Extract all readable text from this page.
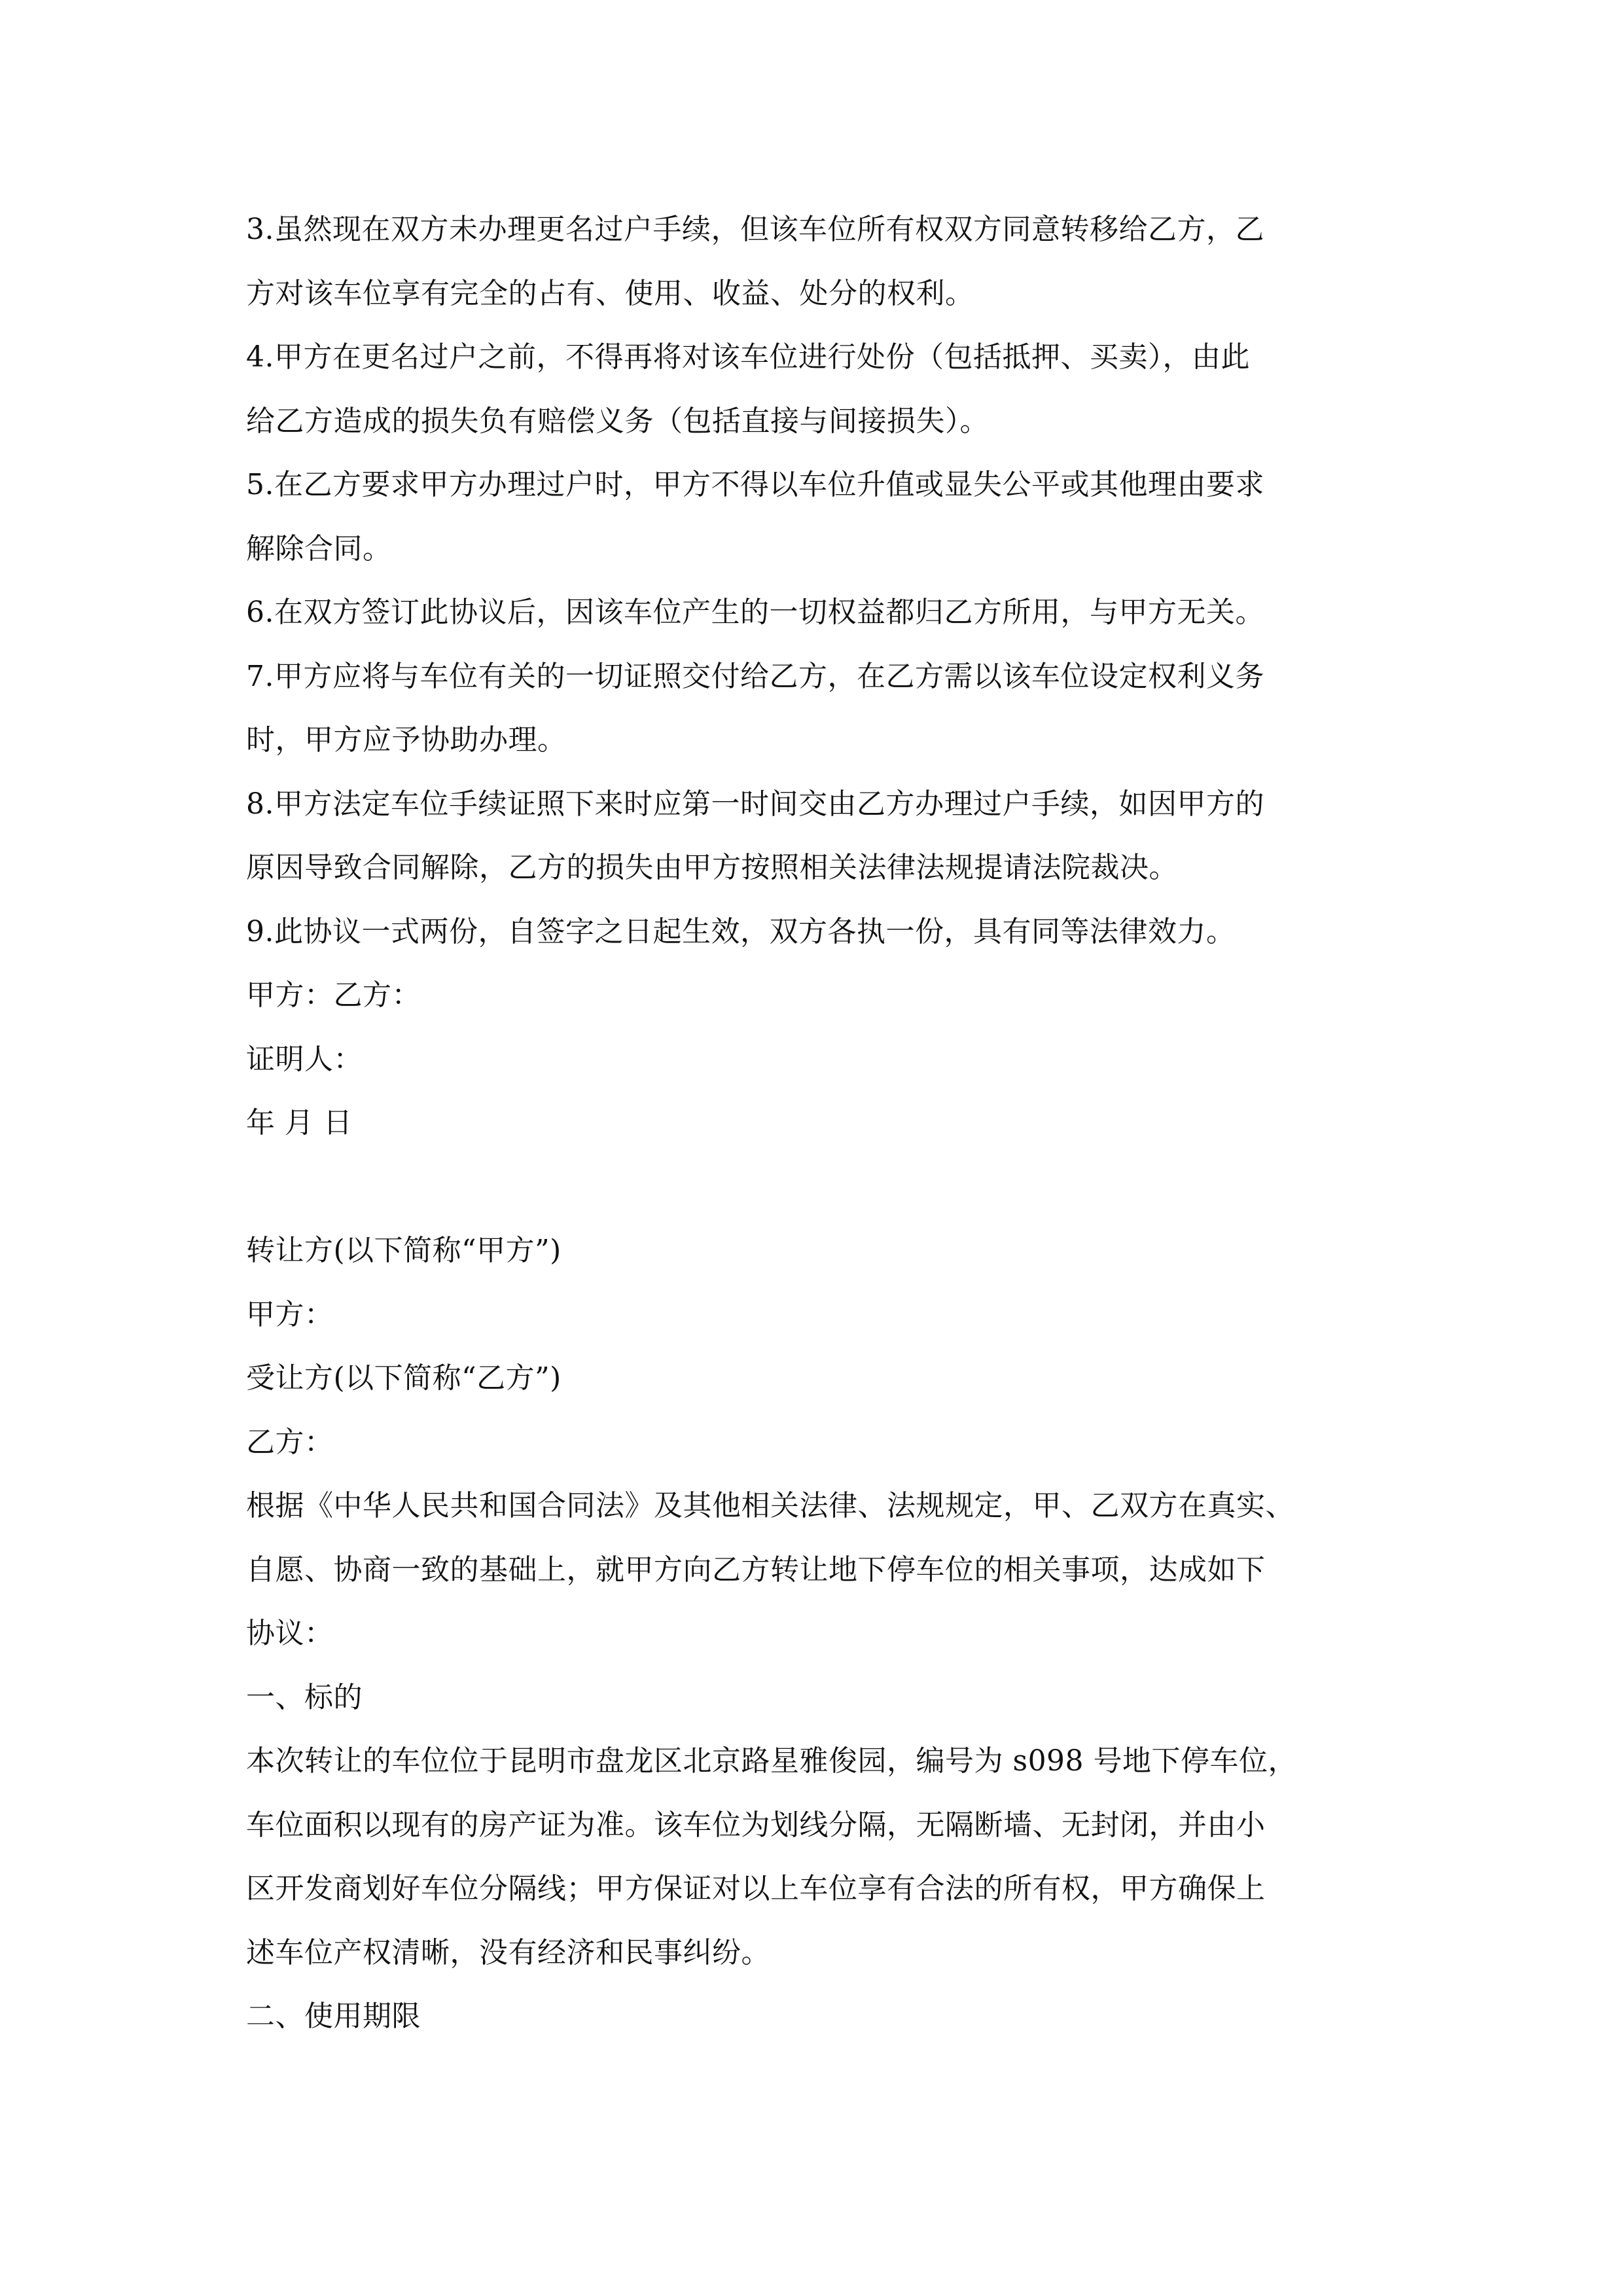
3.虽然现在双方未办理更名过户手续，但该车位所有权双方同意转移给乙方，乙
方对该车位享有完全的占有、使用、收益、处分的权利。
4.甲方在更名过户之前，不得再将对该车位进行处份（包括抵押、买卖），由此
给乙方造成的损失负有赔偿义务（包括直接与间接损失）。
5.在乙方要求甲方办理过户时，甲方不得以车位升值或显失公平或其他理由要求
解除合同。
6.在双方签订此协议后，因该车位产生的一切权益都归乙方所用，与甲方无关。
7.甲方应将与车位有关的一切证照交付给乙方，在乙方需以该车位设定权利义务
时，甲方应予协助办理。
8.甲方法定车位手续证照下来时应第一时间交由乙方办理过户手续，如因甲方的
原因导致合同解除，乙方的损失由甲方按照相关法律法规提请法院裁决。
9.此协议一式两份，自签字之日起生效，双方各执一份，具有同等法律效力。
甲方：乙方：
证明人：
年 月 日
转让方(以下简称“甲方”)
甲方：
受让方(以下简称“乙方”)
乙方：
根据《中华人民共和国合同法》及其他相关法律、法规规定，甲、乙双方在真实、
自愿、协商一致的基础上，就甲方向乙方转让地下停车位的相关事项，达成如下
协议：
一、标的
本次转让的车位位于昆明市盘龙区北京路星雅俊园，编号为 s098 号地下停车位，
车位面积以现有的房产证为准。该车位为划线分隔，无隔断墙、无封闭，并由小
区开发商划好车位分隔线；甲方保证对以上车位享有合法的所有权，甲方确保上
述车位产权清晰，没有经济和民事纠纷。
二、使用期限
